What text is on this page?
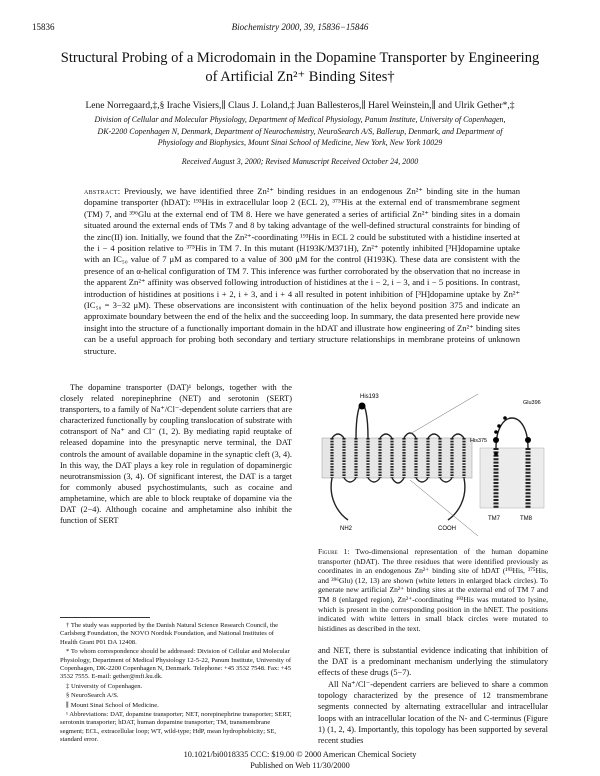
15836	Biochemistry 2000, 39, 15836−15846
Structural Probing of a Microdomain in the Dopamine Transporter by Engineering
of Artificial Zn²⁺ Binding Sites†
Lene Norregaard,‡,§ Irache Visiers,∥ Claus J. Loland,‡ Juan Ballesteros,∥ Harel Weinstein,∥ and Ulrik Gether*,‡
Division of Cellular and Molecular Physiology, Department of Medical Physiology, Panum Institute, University of Copenhagen,
DK-2200 Copenhagen N, Denmark, Department of Neurochemistry, NeuroSearch A/S, Ballerup, Denmark, and Department of
Physiology and Biophysics, Mount Sinai School of Medicine, New York, New York 10029
Received August 3, 2000; Revised Manuscript Received October 24, 2000
abstract: Previously, we have identified three Zn²⁺ binding residues in an endogenous Zn²⁺ binding site in the human dopamine transporter (hDAT): ¹⁹³His in extracellular loop 2 (ECL 2), ³⁷⁵His at the external end of transmembrane segment (TM) 7, and ³⁹⁶Glu at the external end of TM 8. Here we have generated a series of artificial Zn²⁺ binding sites in a domain situated around the external ends of TMs 7 and 8 by taking advantage of the well-defined structural constraints for binding of the zinc(II) ion. Initially, we found that the Zn²⁺-coordinating ¹⁹³His in ECL 2 could be substituted with a histidine inserted at the i − 4 position relative to ³⁷⁵His in TM 7. In this mutant (H193K/M371H), Zn²⁺ potently inhibited [³H]dopamine uptake with an IC₅₀ value of 7 μM as compared to a value of 300 μM for the control (H193K). These data are consistent with the presence of an α-helical configuration of TM 7. This inference was further corroborated by the observation that no increase in the apparent Zn²⁺ affinity was observed following introduction of histidines at the i − 2, i − 3, and i − 5 positions. In contrast, introduction of histidines at positions i + 2, i + 3, and i + 4 all resulted in potent inhibition of [³H]dopamine uptake by Zn²⁺ (IC₅₀ = 3−32 μM). These observations are inconsistent with continuation of the helix beyond position 375 and indicate an approximate boundary between the end of the helix and the succeeding loop. In summary, the data presented here provide new insight into the structure of a functionally important domain in the hDAT and illustrate how engineering of Zn²⁺ binding sites can be a useful approach for probing both secondary and tertiary structure relationships in membrane proteins of unknown structure.
The dopamine transporter (DAT)¹ belongs, together with the closely related norepinephrine (NET) and serotonin (SERT) transporters, to a family of Na⁺/Cl⁻-dependent solute carriers that are characterized functionally by coupling translocation of substrate with cotransport of Na⁺ and Cl⁻ (1, 2). By mediating rapid reuptake of released dopamine into the presynaptic nerve terminal, the DAT controls the amount of available dopamine in the synaptic cleft (3, 4). In this way, the DAT plays a key role in regulation of dopaminergic neurotransmission (3, 4). Of significant interest, the DAT is a target for commonly abused psychostimulants, such as cocaine and amphetamine, which are able to block reuptake of dopamine via the DAT (2−4). Although cocaine and amphetamine also inhibit the function of SERT

† The study was supported by the Danish Natural Science Research Council, the Carlsberg Foundation, the NOVO Nordisk Foundation, and National Institutes of Health Grant P01 DA 12408.

* To whom correspondence should be addressed: Division of Cellular and Molecular Physiology, Department of Medical Physiology 12-5-22, Panum Institute, University of Copenhagen, DK-2200 Copenhagen N, Denmark. Telephone: +45 3532 7548. Fax: +45 3532 7555. E-mail: gether@mfi.ku.dk.

‡ University of Copenhagen.

§ NeuroSearch A/S.

∥ Mount Sinai School of Medicine.

¹ Abbreviations: DAT, dopamine transporter; NET, norepinephrine transporter; SERT, serotonin transporter; hDAT, human dopamine transporter; TM, transmembrane segment; ECL, extracellular loop; WT, wild-type; HdP, mean hydrophobicity; SE, standard error.

NH2	COOH
His193
His375
Glu396
TM7	TM8
Figure 1: Two-dimensional representation of the human dopamine transporter (hDAT). The three residues that were identified previously as coordinates in an endogenous Zn²⁺ binding site of hDAT (¹⁹³His, ³⁷⁵His, and ³⁹⁶Glu) (12, 13) are shown (white letters in enlarged black circles). To generate new artificial Zn²⁺ binding sites at the external end of TM 7 and TM 8 (enlarged region), Zn²⁺-coordinating ¹⁹³His was mutated to lysine, which is present in the corresponding position in the hNET. The positions indicated with white letters in small black circles were mutated to histidines as described in the text.

and NET, there is substantial evidence indicating that inhibition of the DAT is a predominant mechanism underlying the stimulatory effects of these drugs (5−7).

All Na⁺/Cl⁻-dependent carriers are believed to share a common topology characterized by the presence of 12 transmembrane segments connected by alternating extracellular and intracellular loops with an intracellular location of the N- and C-terminus (Figure 1) (1, 2, 4). Importantly, this topology has been supported by several recent studies

10.1021/bi0018335 CCC: $19.00 © 2000 American Chemical Society
Published on Web 11/30/2000
